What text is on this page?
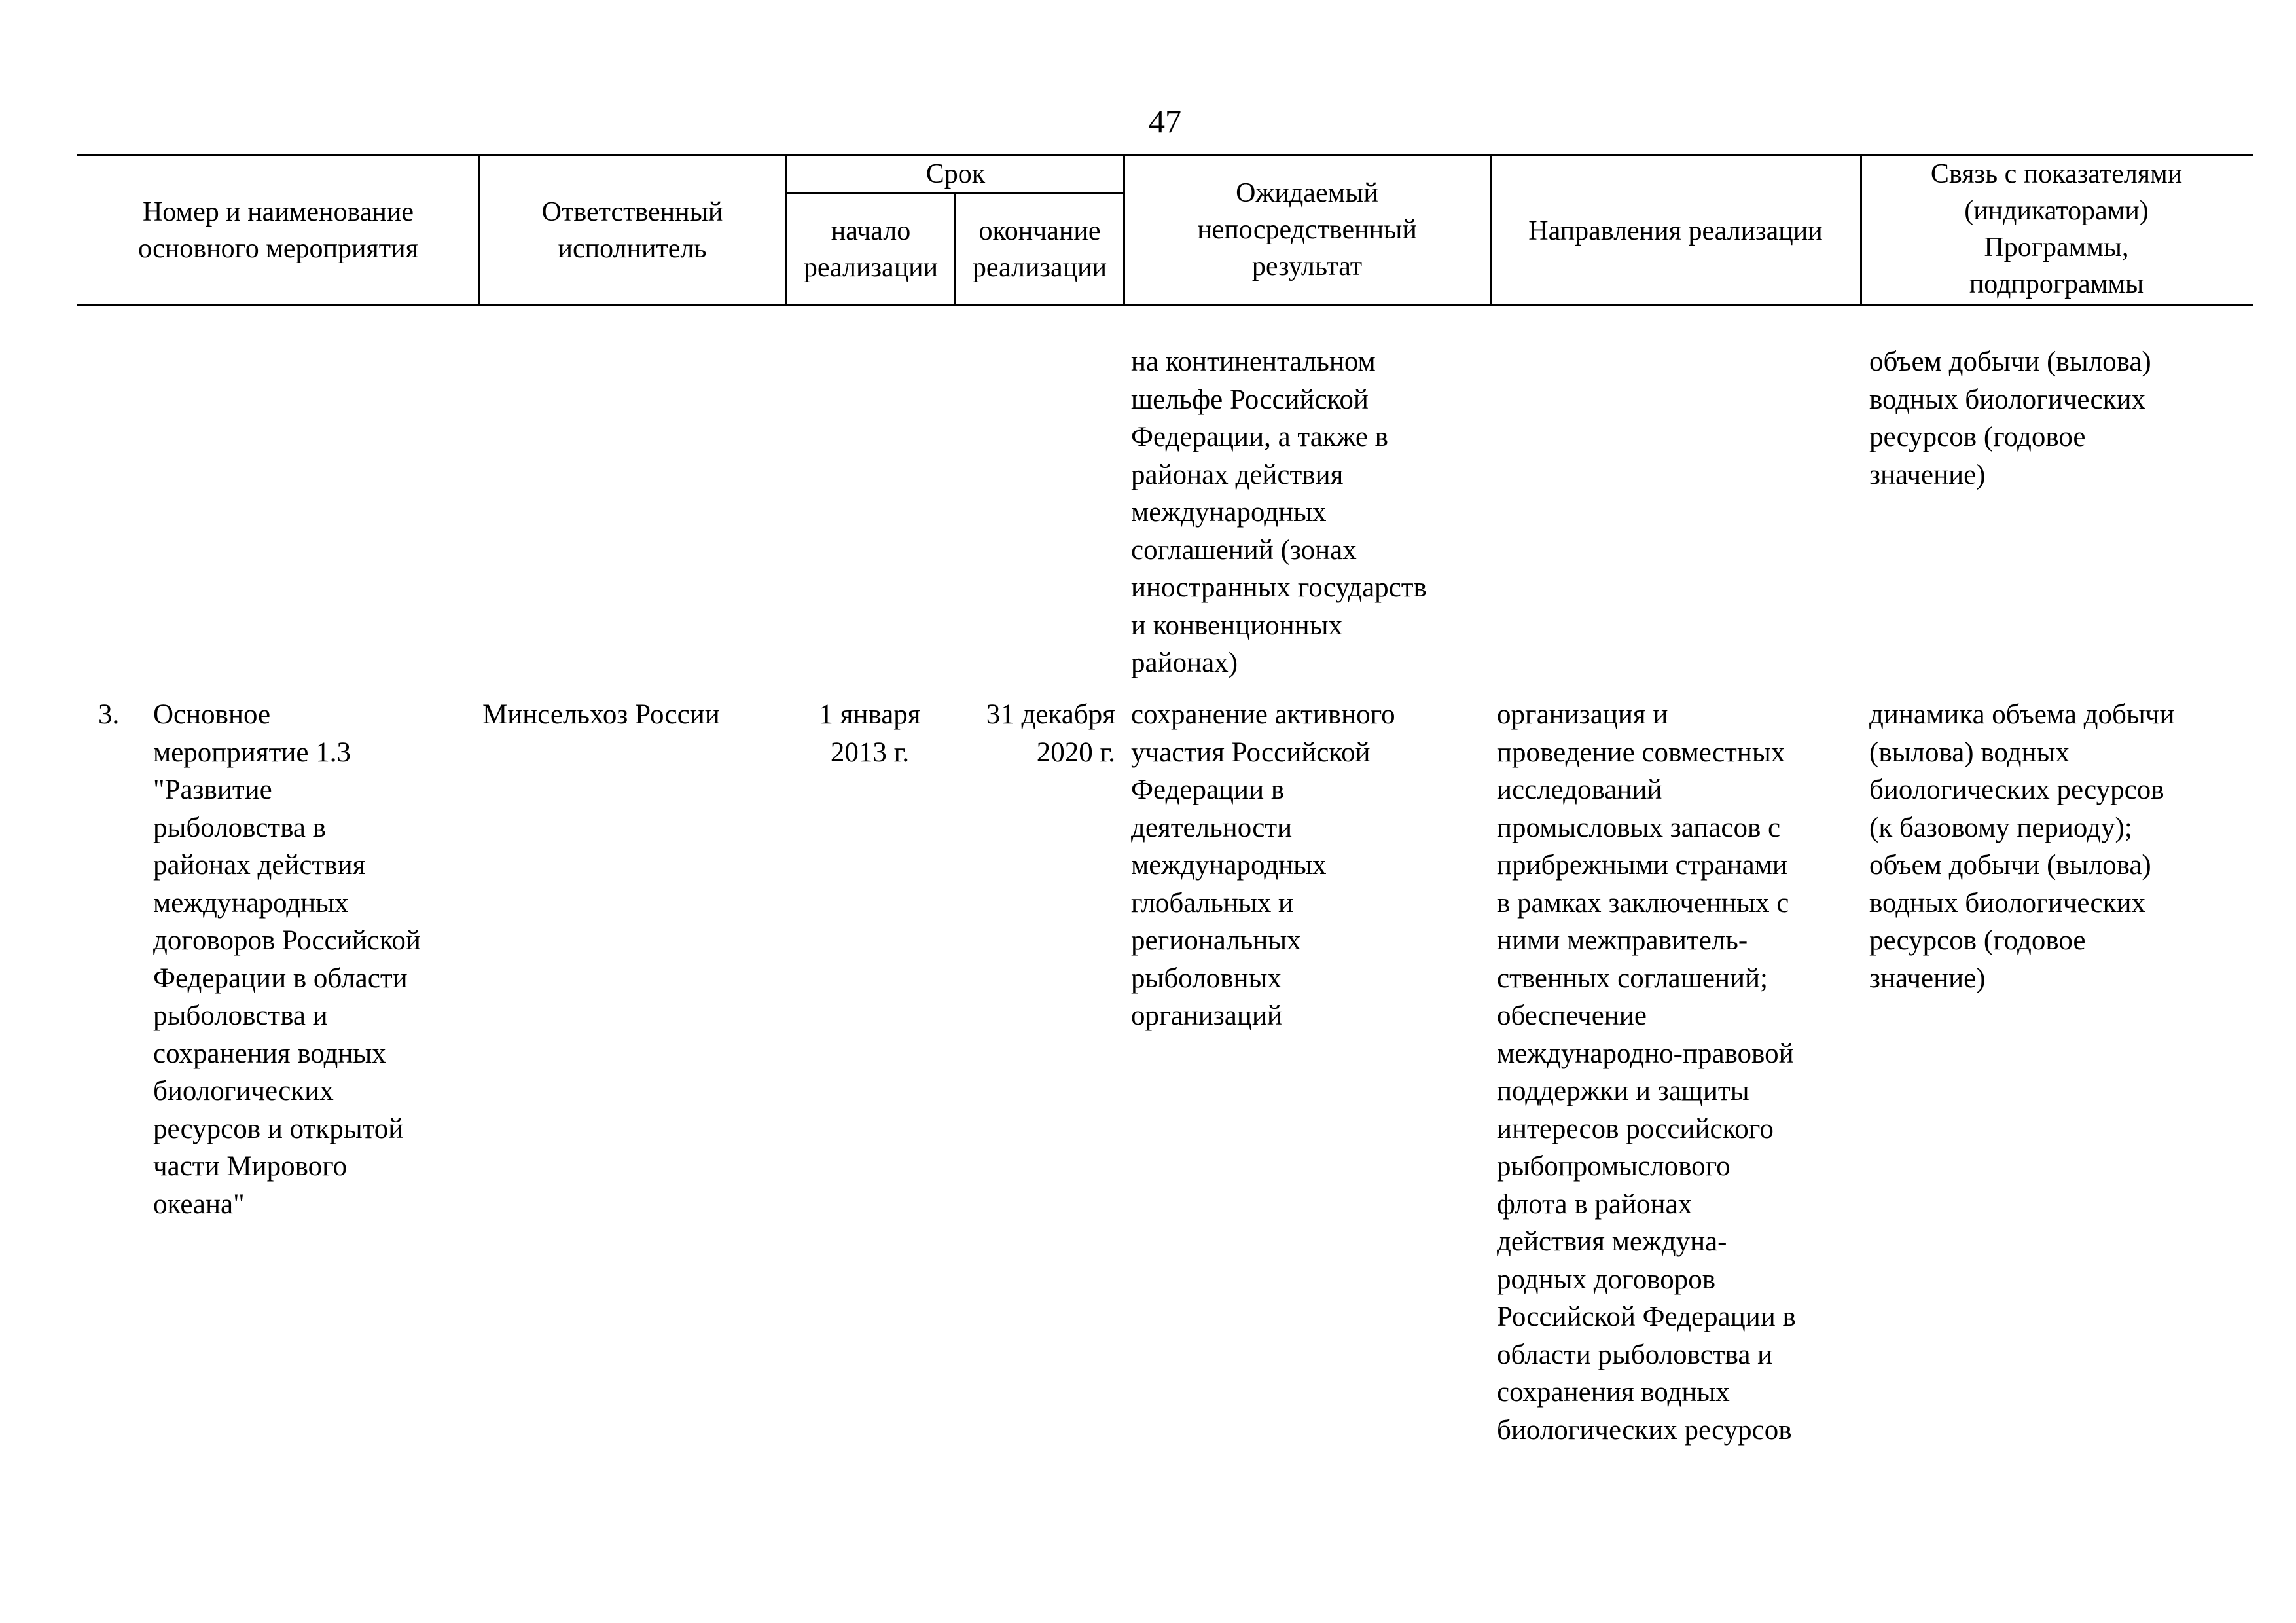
47
Номер и наименование
основного мероприятия
Ответственный
исполнитель
Срок
начало
реализации
окончание
реализации
Ожидаемый
непосредственный
результат
Направления реализации
Связь с показателями
(индикаторами)
Программы,
подпрограммы
на континентальном
шельфе Российской
Федерации, а также в
районах действия
международных
соглашений (зонах
иностранных государств
и конвенционных
районах)
объем добычи (вылова)
водных биологических
ресурсов (годовое
значение)
3.	Основное
мероприятие 1.3
"Развитие
рыболовства в
районах действия
международных
договоров Российской
Федерации в области
рыболовства и
сохранения водных
биологических
ресурсов и открытой
части Мирового
океана"
Минсельхоз России	1 января
2013 г.
31 декабря
2020 г.
сохранение активного
участия Российской
Федерации в
деятельности
международных
глобальных и
региональных
рыболовных
организаций
организация и
проведение совместных
исследований
промысловых запасов с
прибрежными странами
в рамках заключенных с
ними межправитель-
ственных соглашений;
обеспечение
международно-правовой
поддержки и защиты
интересов российского
рыбопромыслового
флота в районах
действия междуна-
родных договоров
Российской Федерации в
области рыболовства и
сохранения водных
биологических ресурсов
динамика объема добычи
(вылова) водных
биологических ресурсов
(к базовому периоду);
объем добычи (вылова)
водных биологических
ресурсов (годовое
значение)
